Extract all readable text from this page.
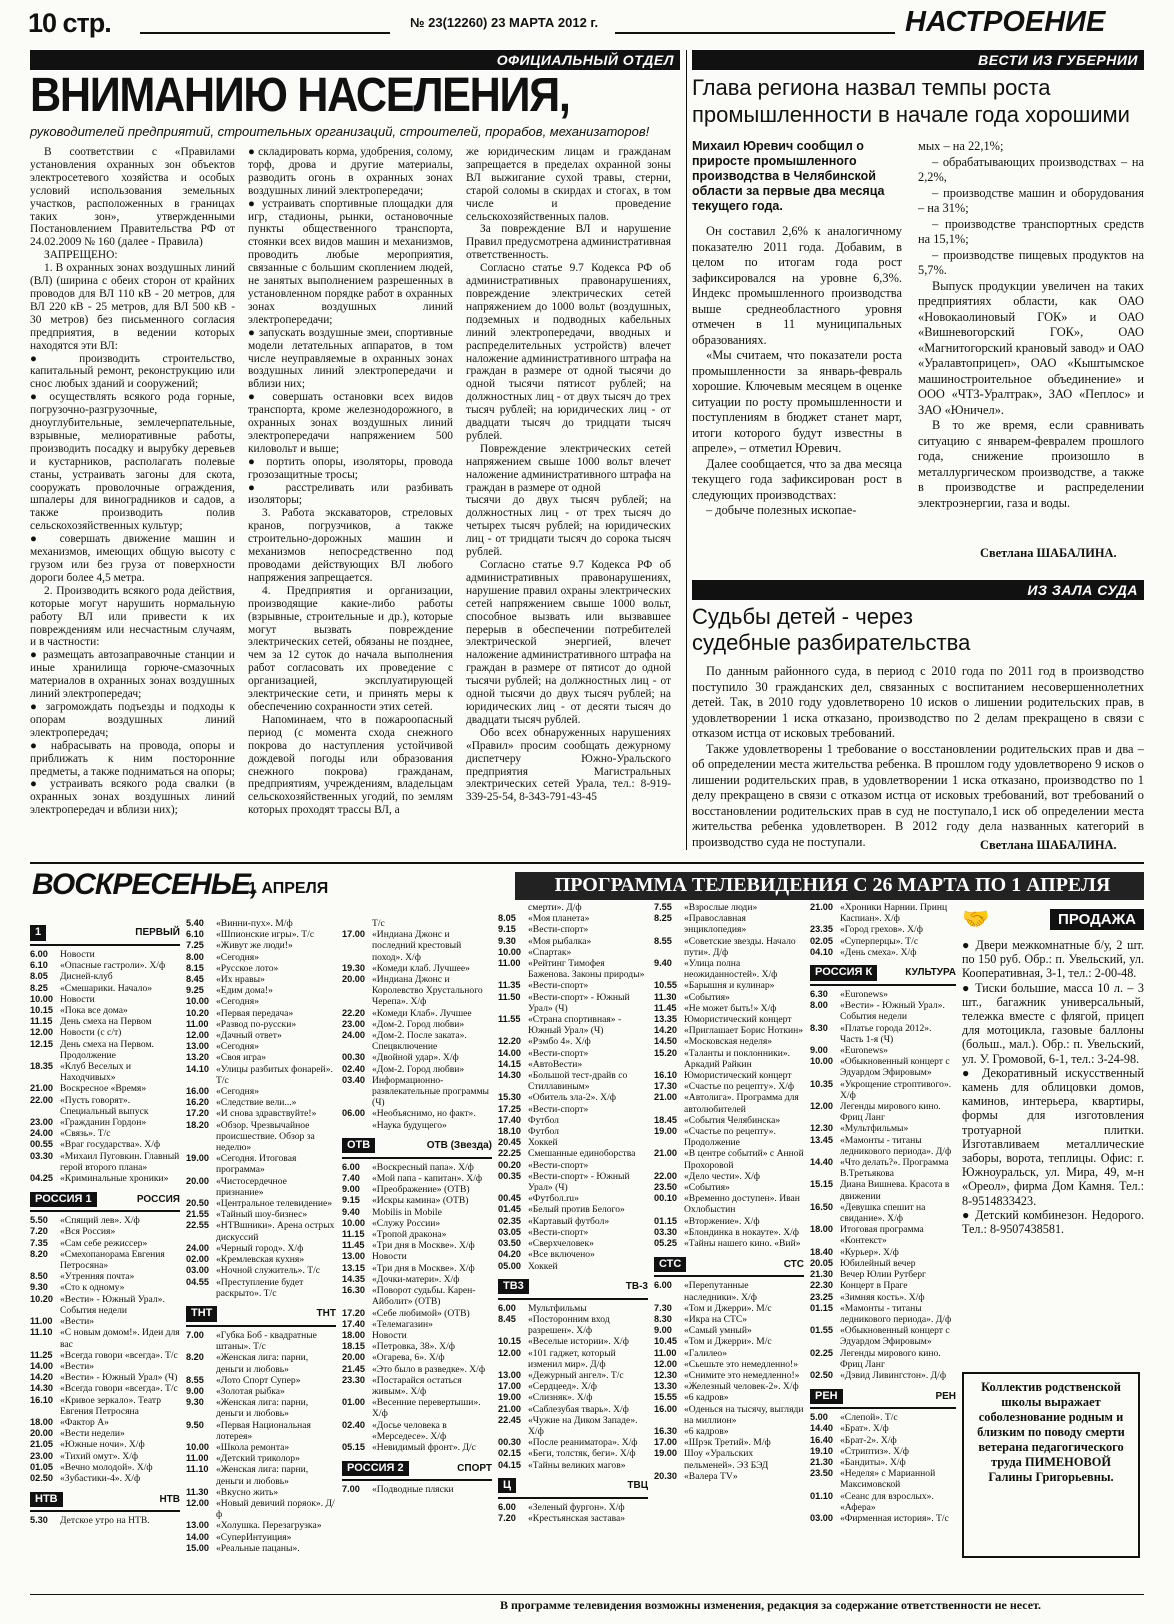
10 стр.	№ 23(12260) 23 МАРТА 2012 г.	НАСТРОЕНИЕ
ОФИЦИАЛЬНЫЙ ОТДЕЛ
ВНИМАНИЮ НАСЕЛЕНИЯ,
руководителей предприятий, строительных организаций, строителей, прорабов, механизаторов!

В соответствии с «Правилами установления охранных зон объектов электросетевого хозяйства и особых условий использования земельных участков, расположенных в границах таких зон», утвержденными Постановлением Правительства РФ от 24.02.2009 № 160 (далее - Правила)

ЗАПРЕЩЕНО:

1. В охранных зонах воздушных линий (ВЛ) (ширина с обеих сторон от крайних проводов для ВЛ 110 кВ - 20 метров, для ВЛ 220 кВ - 25 метров, для ВЛ 500 кВ - 30 метров) без письменного согласия предприятия, в ведении которых находятся эти ВЛ:

● производить строительство, капитальный ремонт, реконструкцию или снос любых зданий и сооружений;

● осуществлять всякого рода горные, погрузочно-разгрузочные, дноуглубительные, землечерпательные, взрывные, мелиоративные работы, производить посадку и вырубку деревьев и кустарников, располагать полевые станы, устраивать загоны для скота, сооружать проволочные ограждения, шпалеры для виноградников и садов, а также производить полив сельскохозяйственных культур;

● совершать движение машин и механизмов, имеющих общую высоту с грузом или без груза от поверхности дороги более 4,5 метра.

2. Производить всякого рода действия, которые могут нарушить нормальную работу ВЛ или привести к их повреждениям или несчастным случаям, и в частности:

● размещать автозаправочные станции и иные хранилища горюче-смазочных материалов в охранных зонах воздушных линий электропередач;

● загромождать подъезды и подходы к опорам воздушных линий электропередач;

● набрасывать на провода, опоры и приближать к ним посторонние предметы, а также подниматься на опоры;

● устраивать всякого рода свалки (в охранных зонах воздушных линий электропередач и вблизи них);

● складировать корма, удобрения, солому, торф, дрова и другие материалы, разводить огонь в охранных зонах воздушных линий электропередачи;

● устраивать спортивные площадки для игр, стадионы, рынки, остановочные пункты общественного транспорта, стоянки всех видов машин и механизмов, проводить любые мероприятия, связанные с большим скоплением людей, не занятых выполнением разрешенных в установленном порядке работ в охранных зонах воздушных линий электропередачи;

● запускать воздушные змеи, спортивные модели летательных аппаратов, в том числе неуправляемые в охранных зонах воздушных линий электропередачи и вблизи них;

● совершать остановки всех видов транспорта, кроме железнодорожного, в охранных зонах воздушных линий электропередачи напряжением 500 киловольт и выше;

● портить опоры, изоляторы, провода грозозащитные тросы;

● расстреливать или разбивать изоляторы;

3. Работа экскаваторов, стреловых кранов, погрузчиков, а также строительно-дорожных машин и механизмов непосредственно под проводами действующих ВЛ любого напряжения запрещается.

4. Предприятия и организации, производящие какие-либо работы (взрывные, строительные и др.), которые могут вызвать повреждение электрических сетей, обязаны не позднее, чем за 12 суток до начала выполнения работ согласовать их проведение с организацией, эксплуатирующей электрические сети, и принять меры к обеспечению сохранности этих сетей.

Напоминаем, что в пожароопасный период (с момента схода снежного покрова до наступления устойчивой дождевой погоды или образования снежного покрова) гражданам, предприятиям, учреждениям, владельцам сельскохозяйственных угодий, по землям которых проходят трассы ВЛ, а

же юридическим лицам и гражданам запрещается в пределах охранной зоны ВЛ выжигание сухой травы, стерни, старой соломы в скирдах и стогах, в том числе и проведение сельскохозяйственных палов.

За повреждение ВЛ и нарушение Правил предусмотрена административная ответственность.

Согласно статье 9.7 Кодекса РФ об административных правонарушениях, повреждение электрических сетей напряжением до 1000 вольт (воздушных, подземных и подводных кабельных линий электропередачи, вводных и распределительных устройств) влечет наложение административного штрафа на граждан в размере от одной тысячи до одной тысячи пятисот рублей; на должностных лиц - от двух тысяч до трех тысяч рублей; на юридических лиц - от двадцати тысяч до тридцати тысяч рублей.

Повреждение электрических сетей напряжением свыше 1000 вольт влечет наложение административного штрафа на граждан в размере от одной

тысячи до двух тысяч рублей; на должностных лиц - от трех тысяч до четырех тысяч рублей; на юридических лиц - от тридцати тысяч до сорока тысяч рублей.

Согласно статье 9.7 Кодекса РФ об административных правонарушениях, нарушение правил охраны электрических сетей напряжением свыше 1000 вольт, способное вызвать или вызвавшее перерыв в обеспечении потребителей электрической энергией, влечет наложение административного штрафа на граждан в размере от пятисот до одной тысячи рублей; на должностных лиц - от одной тысячи до двух тысяч рублей; на юридических лиц - от десяти тысяч до двадцати тысяч рублей.

Обо всех обнаруженных нарушениях «Правил» просим сообщать дежурному диспетчеру Южно-Уральского предприятия Магистральных электрических сетей Урала, тел.: 8-919-339-25-54, 8-343-791-43-45

ВЕСТИ ИЗ ГУБЕРНИИ
Глава региона назвал темпы роста промышленности в начале года хорошими
Михаил Юревич сообщил о приросте промышленного производства в Челябинской области за первые два месяца текущего года.

Он составил 2,6% к аналогичному показателю 2011 года. Добавим, в целом по итогам года рост зафиксировался на уровне 6,3%. Индекс промышленного производства выше среднеобластного уровня отмечен в 11 муниципальных образованиях.

«Мы считаем, что показатели роста промышленности за январь-февраль хорошие. Ключевым месяцем в оценке ситуации по росту промышленности и поступлениям в бюджет станет март, итоги которого будут известны в апреле», – отметил Юревич.

Далее сообщается, что за два месяца текущего года зафиксирован рост в следующих производствах:

– добыче полезных ископае-

мых – на 22,1%;

– обрабатывающих производствах – на 2,2%,

– производстве машин и оборудования – на 31%;

– производстве транспортных средств на 15,1%;

– производстве пищевых продуктов на 5,7%.

Выпуск продукции увеличен на таких предприятиях области, как ОАО «Новокаолиновый ГОК» и ОАО «Вишневогорский ГОК», ОАО «Магнитогорский крановый завод» и ОАО «Уралавтоприцеп», ОАО «Кыштымское машиностроительное объединение» и ООО «ЧТЗ-Уралтрак», ЗАО «Пеплос» и ЗАО «Юничел».

В то же время, если сравнивать ситуацию с январем-февралем прошлого года, снижение произошло в металлургическом производстве, а также в производстве и распределении электроэнергии, газа и воды.

Светлана ШАБАЛИНА.
ИЗ ЗАЛА СУДА
Судьбы детей - через судебные разбирательства

По данным районного суда, в период с 2010 года по 2011 год в производство поступило 30 гражданских дел, связанных с воспитанием несовершеннолетних детей. Так, в 2010 году удовлетворено 10 исков о лишении родительских прав, в удовлетворении 1 иска отказано, производство по 2 делам прекращено в связи с отказом истца от исковых требований.

Также удовлетворены 1 требование о восстановлении родительских прав и два – об определении места жительства ребенка. В прошлом году удовлетворено 9 исков о лишении родительских прав, в удовлетворении 1 иска отказано, производство по 1 делу прекращено в связи с отказом истца от исковых требований, вот требований о восстановлении родительских прав в суд не поступало,1 иск об определении места жительства ребенка удовлетворен. В 2012 году дела названных категорий в производство суда не поступали.	Светлана ШАБАЛИНА.
ВОСКРЕСЕНЬЕ,
1 АПРЕЛЯ	ПРОГРАММА ТЕЛЕВИДЕНИЯ С 26 МАРТА ПО 1 АПРЕЛЯ
1	ПЕРВЫЙ
6.00	Новости
6.10	«Опасные гастроли». Х/ф
8.05	Дисней-клуб
8.25	«Смешарики. Начало»
10.00 Новости
10.15 «Пока все дома»
11.15 День смеха на Первом
12.00 Новости (с с/т)
12.15 День смеха на Первом. Продолжение
18.35 «Клуб Веселых и Находчивых»
21.00 Воскресное «Время»
22.00 «Пусть говорят». Специальный выпуск
23.00 «Гражданин Гордон»
24.00 «Связь». Т/с
00.55 «Враг государства». Х/ф
03.30 «Михаил Пуговкин. Главный герой второго плана»
04.25 «Криминальные хроники»
РОССИЯ 1	РОССИЯ
5.50	«Спящий лев». Х/ф
7.20	«Вся Россия»
7.35	«Сам себе режиссер»
8.20	«Смехопанорама Евгения Петросяна»
8.50	«Утренняя почта»
9.30	«Сто к одному»
10.20 «Вести» - Южный Урал». События недели
11.00 «Вести»
11.10 «С новым домом!». Идеи для вас
11.25 «Всегда говори «всегда». Т/с
14.00 «Вести»
14.20 «Вести» - Южный Урал» (Ч)
14.30 «Всегда говори «всегда». Т/с
16.10 «Кривое зеркало». Театр Евгения Петросяна
18.00 «Фактор А»
20.00 «Вести недели»
21.05 «Южные ночи». Х/ф
23.00 «Тихий омут». Х/ф
01.05 «Вечно молодой». Х/ф
02.50 «Зубастики-4». Х/ф
НТВ	НТВ
5.30	Детское утро на НТВ.
5.40	«Винни-пух». М/ф
6.10	«Шпионские игры». Т/с
7.25	«Живут же люди!»
8.00	«Сегодня»
8.15	«Русское лото»
8.45	«Их нравы»
9.25	«Едим дома!»
10.00 «Сегодня»
10.20 «Первая передача»
11.00 «Развод по-русски»
12.00 «Дачный ответ»
13.00 «Сегодня»
13.20 «Своя игра»
14.10 «Улицы разбитых фонарей». Т/с
16.00 «Сегодня»
16.20 «Следствие вели...»
17.20 «И снова здравствуйте!»
18.20 «Обзор. Чрезвычайное происшествие. Обзор за неделю»
19.00 «Сегодня. Итоговая программа»
20.00 «Чистосердечное признание»
20.50 «Центральное телевидение»
21.55 «Тайный шоу-бизнес»
22.55 «НТВшники». Арена острых дискуссий
24.00 «Черный город». Х/ф
02.00 «Кремлевская кухня»
03.00 «Ночной служитель». Т/с
04.55 «Преступление будет раскрыто». Т/с
ТНТ	ТНТ
7.00	«Губка Боб - квадратные штаны». Т/с
8.20	«Женская лига: парни, деньги и любовь»
8.55	«Лото Спорт Супер»
9.00	«Золотая рыбка»
9.30	«Женская лига: парни, деньги и любовь»
9.50	«Первая Национальная лотерея»
10.00 «Школа ремонта»
11.00 «Детский триколор»
11.10 «Женская лига: парни, деньги и любовь»
11.30 «Вкусно жить»
12.00 «Новый девичий поряок». Д/ф
13.00 «Холушка. Перезагрузка»
14.00 «СуперИнтуиция»
15.00 «Реальные пацаны».
Т/с
17.00 «Индиана Джонс и последний крестовый поход». Х/ф
19.30 «Комеди клаб. Лучшее»
20.00 «Индиана Джонс и Королевство Хрустального Черепа». Х/ф
22.20 «Комеди Клаб». Лучшее
23.00 «Дом-2. Город любви»
24.00 «Дом-2. После заката». Спецвключение
00.30 «Двойной удар». Х/ф
02.40 «Дом-2. Город любви»
03.40 Информационно-развлекательные программы (Ч)
06.00 «Необъяснимо, но факт». «Наука будущего»
ОТВ	ОТВ (Звезда)
6.00	«Воскресный папа». Х/ф
7.40	«Мой папа - капитан». Х/ф
9.00	«Преображение» (ОТВ)
9.15	«Искры камина» (ОТВ)
9.40	Mobilis in Mobile
10.00 «Служу России»
11.15 «Тропой дракона»
11.45 «Три дня в Москве». Х/ф
13.00 Новости
13.15 «Три дня в Москве». Х/ф
14.35 «Дочки-матери». Х/ф
16.30 «Поворот судьбы. Карен-Айболит» (ОТВ)
17.20 «Себе любимой» (ОТВ)
17.40 «Телемагазин»
18.00 Новости
18.15 «Петровка, 38». Х/ф
20.00 «Огарева, 6». Х/ф
21.45 «Это было в разведке». Х/ф
23.30 «Постарайся остаться живым». Х/ф
01.00 «Весенние перевертыши». Х/ф
02.40 «Досье человека в «Мерседесе». Х/ф
05.15 «Невидимый фронт». Д/с
РОССИЯ 2	СПОРТ
7.00	«Подводные пляски
смерти». Д/ф
8.05	«Моя планета»
9.15	«Вести-спорт»
9.30	«Моя рыбалка»
10.00 «Спартак»
11.00 «Рейтинг Тимофея Баженова. Законы природы»
11.35 «Вести-спорт»
11.50 «Вести-спорт» - Южный Урал» (Ч)
11.55 «Страна спортивная» - Южный Урал» (Ч)
12.20 «Рэмбо 4». Х/ф
14.00 «Вести-спорт»
14.15 «АвтоВести»
14.30 «Большой тест-драйв со Стиллавиным»
15.30 «Обитель зла-2». Х/ф
17.25 «Вести-спорт»
17.40 Футбол
18.10 Футбол
20.45 Хоккей
22.25 Смешанные единоборства
00.20 «Вести-спорт»
00.35 «Вести-спорт» - Южный Урал» (Ч)
00.45 «Футбол.ru»
01.45 «Белый против Белого»
02.35 «Картавый футбол»
03.05 «Вести-спорт»
03.50 «Сверхчеловек»
04.20 «Все включено»
05.00 Хоккей
ТВ3	ТВ-3
6.00	Мультфильмы
8.45	«Посторонним вход разрешен». Х/ф
10.15 «Веселые истории». Х/ф
12.00 «101 гаджет, который изменил мир». Д/ф
13.00 «Дежурный ангел». Т/с
17.00 «Сердцеед». Х/ф
19.00 «Слизняк». Х/ф
21.00 «Саблезубая тварь». Х/ф
22.45 «Чужие на Диком Западе». Х/ф
00.30 «После реаниматора». Х/ф
02.15 «Беги, толстяк, беги». Х/ф
04.15 «Тайны великих магов»
Ц	ТВЦ
6.00	«Зеленый фургон». Х/ф
7.20	«Крестьянская застава»
7.55	«Взрослые люди»
8.25	«Православная энциклопедия»
8.55	«Советские звезды. Начало пути». Д/ф
9.40	«Улица полна неожиданностей». Х/ф
10.55 «Барышня и кулинар»
11.30 «События»
11.45 «Не может быть!» Х/ф
13.35 Юмористический концерт
14.20 «Приглашает Борис Ноткин»
14.50 «Московская неделя»
15.20 «Таланты и поклонники». Аркадий Райкин
16.10 Юмористический концерт
17.30 «Счастье по рецепту». Х/ф
21.00 «Автолига». Программа для автолюбителей
18.45 «События Челябинска»
19.00 «Счастье по рецепту». Продолжение
21.00 «В центре событий» с Анной Прохоровой
22.00 «Дело чести». Х/ф
23.50 «События»
00.10 «Временно доступен». Иван Охлобыстин
01.15 «Вторжение». Х/ф
03.30 «Блондинка в нокауте». Х/ф
05.25 «Тайны нашего кино. «Вий»
СТС	СТС
6.00	«Перепутанные наследники». Х/ф
7.30	«Том и Джерри». М/с
8.30	«Икра на СТС»
9.00	«Самый умный»
10.45 «Том и Джерри». М/с
11.00 «Галилео»
12.00 «Сьешьте это немедленно!»
12.30 «Снимите это немедленно!»
13.30 «Железный человек-2». Х/ф
15.55 «6 кадров»
16.00 «Оденься на тысячу, выгляди на миллион»
16.30 «6 кадров»
17.00 «Шрэк Третий». М/ф
19.00 Шоу «Уральских пельменей». ЭЗ БЭД
20.30 «Валера TV»
21.00 «Хроники Нарнии. Принц Каспиан». Х/ф
23.35 «Город грехов». Х/ф
02.05 «Суперперцы». Т/с
04.10 «День смеха». Х/ф
РОССИЯ К	КУЛЬТУРА
6.30	«Euronews»
8.00	«Вести» - Южный Урал». События недели
8.30	«Платье города 2012». Часть 1-я (Ч)
9.00	«Euronews»
10.00 «Обыкновенный концерт с Эдуардом Эфировым»
10.35 «Укрощение строптивого». Х/ф
12.00 Легенды мирового кино. Фриц Ланг
12.30 «Мультфильмы»
13.45 «Мамонты - титаны ледникового периода». Д/ф
14.40 «Что делать?». Программа В.Третьякова
15.15 Диана Вишнева. Красота в движении
16.50 «Девушка спешит на свидание». Х/ф
18.00 Итоговая программа «Контекст»
18.40 «Курьер». Х/ф
20.05 Юбилейный вечер
21.30 Вечер Юлии Рутберг
22.30 Концерт в Праге
23.25 «Зимняя кость». Х/ф
01.15 «Мамонты - титаны ледникового периода». Д/ф
01.55 «Обыкновенный концерт с Эдуардом Эфировым»
02.25 Легенды мирового кино. Фриц Ланг
02.50 «Дэвид Ливингстон». Д/ф
РЕН	РЕН
5.00	«Слепой». Т/с
14.40 «Брат». Х/ф
16.40 «Брат-2». Х/ф
19.10 «Стриптиз». Х/ф
21.30 «Бандиты». Х/ф
23.50 «Неделя» с Марианной Максимовской
01.10 «Сеанс для взрослых». «Афера»
03.00 «Фирменная история». Т/с
🤝	ПРОДАЖА

● Двери межкомнатные б/у, 2 шт. по 150 руб. Обр.: п. Увельский, ул. Кооперативная, 3-1, тел.: 2-00-48.

● Тиски большие, масса 10 л. – 3 шт., багажник универсальный, тележка вместе с флягой, прицеп для мотоцикла, газовые баллоны (больш., мал.). Обр.: п. Увельский, ул. У. Громовой, 6-1, тел.: 3-24-98.

● Декоративный искусственный камень для облицовки домов, каминов, интерьера, квартиры, формы для изготовления тротуарной плитки. Изготавливаем металлические заборы, ворота, теплицы. Офис: г. Южноуральск, ул. Мира, 49, м-н «Ореол», фирма Дом Камня. Тел.: 8-9514833423.

● Детский комбинезон. Недорого. Тел.: 8-9507438581.

Коллектив родственской школы выражает соболезнование родным и близким по поводу смерти ветерана педагогического труда ПИМЕНОВОЙ Галины Григорьевны.
В программе телевидения возможны изменения, редакция за содержание ответственности не несет.
